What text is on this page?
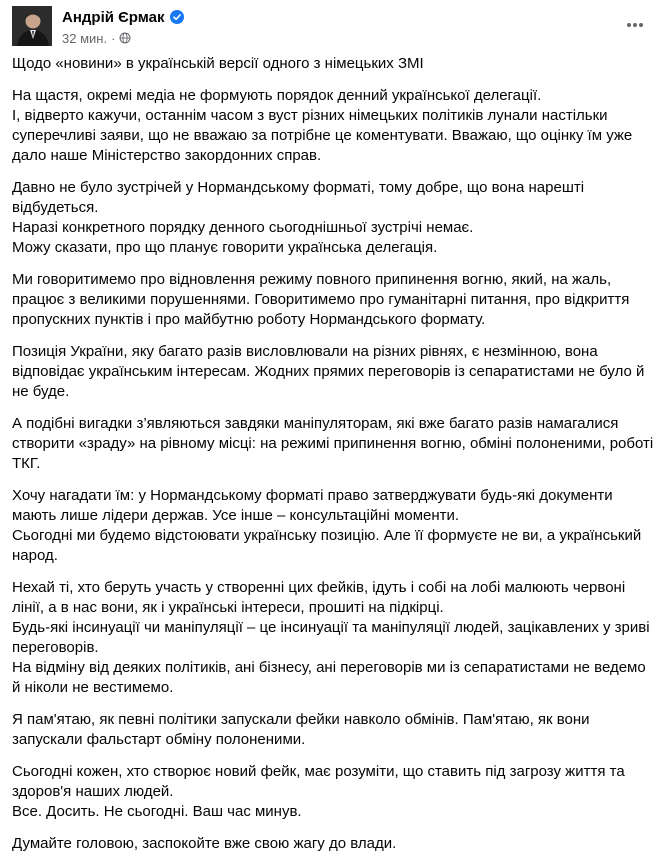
Андрій Єрмак
32 мин. ·

Щодо «новини» в українській версії одного з німецьких ЗМІ

На щастя, окремі медіа не формують порядок денний української делегації.
І, відверто кажучи, останнім часом з вуст різних німецьких політиків лунали настільки суперечливі заяви, що не вважаю за потрібне це коментувати. Вважаю, що оцінку їм уже дало наше Міністерство закордонних справ.

Давно не було зустрічей у Нормандському форматі, тому добре, що вона нарешті відбудеться.
Наразі конкретного порядку денного сьогоднішньої зустрічі немає.
Можу сказати, про що планує говорити українська делегація.

Ми говоритимемо про відновлення режиму повного припинення вогню, який, на жаль, працює з великими порушеннями. Говоритимемо про гуманітарні питання, про відкриття пропускних пунктів і про майбутню роботу Нормандського формату.

Позиція України, яку багато разів висловлювали на різних рівнях, є незмінною, вона відповідає українським інтересам. Жодних прямих переговорів із сепаратистами не було й не буде.

А подібні вигадки з’являються завдяки маніпуляторам, які вже багато разів намагалися створити «зраду» на рівному місці: на режимі припинення вогню, обміні полоненими, роботі ТКГ.

Хочу нагадати їм: у Нормандському форматі право затверджувати будь-які документи мають лише лідери держав. Усе інше – консультаційні моменти.
Сьогодні ми будемо відстоювати українську позицію. Але її формуєте не ви, а український народ.

Нехай ті, хто беруть участь у створенні цих фейків, ідуть і собі на лобі малюють червоні лінії, а в нас вони, як і українські інтереси, прошиті на підкірці.
Будь-які інсинуації чи маніпуляції – це інсинуації та маніпуляції людей, зацікавлених у зриві переговорів.
На відміну від деяких політиків, ані бізнесу, ані переговорів ми із сепаратистами не ведемо й ніколи не вестимемо.

Я пам'ятаю, як певні політики запускали фейки навколо обмінів. Пам'ятаю, як вони запускали фальстарт обміну полоненими.

Сьогодні кожен, хто створює новий фейк, має розуміти, що ставить під загрозу життя та здоров'я наших людей.
Все. Досить. Не сьогодні. Ваш час минув.

Думайте головою, заспокойте вже свою жагу до влади.
